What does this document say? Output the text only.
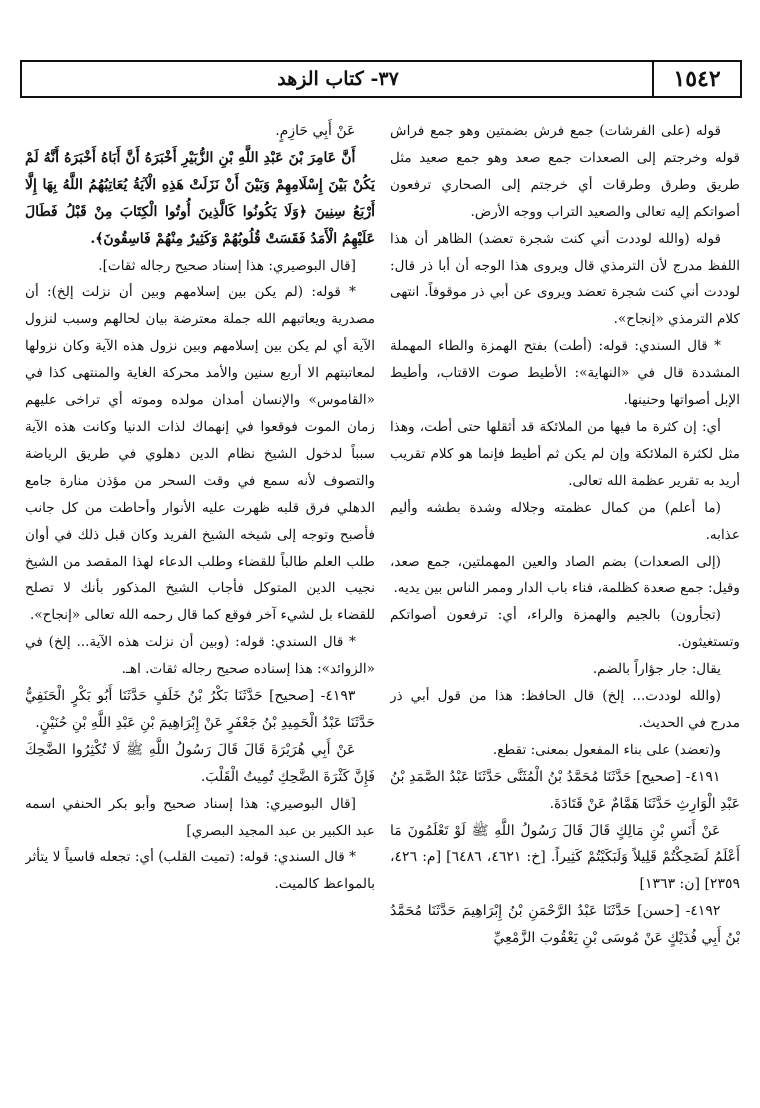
١٥٤٢
٣٧- كتاب الزهد

قوله (على الفرشات) جمع فرش بضمتين وهو جمع فراش قوله وخرجتم إلى الصعدات جمع صعد وهو جمع صعيد مثل طريق وطرق وطرقات أي خرجتم إلى الصحاري ترفعون أصواتكم إليه تعالى والصعيد التراب ووجه الأرض.

قوله (والله لوددت أني كنت شجرة تعضد) الظاهر أن هذا اللفظ مدرج لأن الترمذي قال ويروى هذا الوجه أن أبا ذر قال: لوددت أني كنت شجرة تعضد ويروى عن أبي ذر موقوفاً. انتهى كلام الترمذي «إنجاح».

* قال السندي: قوله: (أطت) بفتح الهمزة والطاء المهملة المشددة قال في «النهاية»: الأطيط صوت الاقتاب، وأطيط الإبل أصواتها وحنينها.

أي: إن كثرة ما فيها من الملائكة قد أثقلها حتى أطت، وهذا مثل لكثرة الملائكة وإن لم يكن ثم أطيط فإنما هو كلام تقريب أريد به تقرير عظمة الله تعالى.

(ما أعلم) من كمال عظمته وجلاله وشدة بطشه وأليم عذابه.

(إلى الصعدات) بضم الصاد والعين المهملتين، جمع صعد، وقيل: جمع صعدة كظلمة، فناء باب الدار وممر الناس بين يديه.

(تجأرون) بالجيم والهمزة والراء، أي: ترفعون أصواتكم وتستغيثون.

يقال: جار جؤاراً بالضم.

(والله لوددت... إلخ) قال الحافظ: هذا من قول أبي ذر مدرج في الحديث.

و(تعضد) على بناء المفعول بمعنى: تقطع.

٤١٩١- [صحيح] حَدَّثَنَا مُحَمَّدُ بْنُ الْمُثَنَّى حَدَّثَنَا عَبْدُ الصَّمَدِ بْنُ عَبْدِ الْوَارِثِ حَدَّثَنَا هَمَّامٌ عَنْ قَتَادَةَ.

عَنْ أَنَسِ بْنِ مَالِكٍ قَالَ قَالَ رَسُولُ اللَّهِ ﷺ لَوْ تَعْلَمُونَ مَا أَعْلَمُ لَضَحِكْتُمْ قَلِيلاً وَلَبَكَيْتُمْ كَثِيراً. [خ: ٤٦٢١، ٦٤٨٦] [م: ٤٢٦، ٢٣٥٩] [ن: ١٣٦٣]

٤١٩٢- [حسن] حَدَّثَنَا عَبْدُ الرَّحْمَنِ بْنُ إِبْرَاهِيمَ حَدَّثَنَا مُحَمَّدُ بْنُ أَبِي فُدَيْكٍ عَنْ مُوسَى بْنِ يَعْقُوبَ الزَّمْعِيِّ

عَنْ أَبِي حَازِمٍ.

أَنَّ عَامِرَ بْنَ عَبْدِ اللَّهِ بْنِ الزُّبَيْرِ أَخْبَرَهُ أَنَّ أَبَاهُ أَخْبَرَهُ أَنَّهُ لَمْ يَكُنْ بَيْنَ إِسْلَامِهِمْ وَبَيْنَ أَنْ نَزَلَتْ هَذِهِ الْآيَةُ يُعَاتِبُهُمُ اللَّهُ بِهَا إِلَّا أَرْبَعُ سِنِينَ ﴿وَلَا يَكُونُوا كَالَّذِينَ أُوتُوا الْكِتَابَ مِنْ قَبْلُ فَطَالَ عَلَيْهِمُ الْأَمَدُ فَقَسَتْ قُلُوبُهُمْ وَكَثِيرٌ مِنْهُمْ فَاسِقُونَ﴾.

[قال البوصيري: هذا إسناد صحيح رجاله ثقات].

* قوله: (لم يكن بين إسلامهم وبين أن نزلت إلخ): أن مصدرية ويعاتبهم الله جملة معترضة بيان لحالهم وسبب لنزول الآية أي لم يكن بين إسلامهم وبين نزول هذه الآية وكان نزولها لمعاتبتهم الا أربع سنين والأمد محركة الغاية والمنتهى كذا في «القاموس» والإنسان أمدان مولده وموته أي تراخى عليهم زمان الموت فوقعوا في إنهماك لذات الدنيا وكانت هذه الآية سبباً لدخول الشيخ نظام الدين دهلوي في طريق الرياضة والتصوف لأنه سمع في وقت السحر من مؤذن منارة جامع الدهلي فرق قلبه ظهرت عليه الأنوار وأحاطت من كل جانب فأصبح وتوجه إلى شيخه الشيخ الفريد وكان قبل ذلك في أوان طلب العلم طالباً للقضاء وطلب الدعاء لهذا المقصد من الشيخ نجيب الدين المتوكل فأجاب الشيخ المذكور بأنك لا تصلح للقضاء بل لشيء آخر فوقع كما قال رحمه الله تعالى «إنجاح».

* قال السندي: قوله: (وبين أن نزلت هذه الآية... إلخ) في «الزوائد»: هذا إسناده صحيح رجاله ثقات. اهـ.

٤١٩٣- [صحيح] حَدَّثَنَا بَكْرُ بْنُ خَلَفٍ حَدَّثَنَا أَبُو بَكْرٍ الْحَنَفِيُّ حَدَّثَنَا عَبْدُ الْحَمِيدِ بْنُ جَعْفَرٍ عَنْ إِبْرَاهِيمَ بْنِ عَبْدِ اللَّهِ بْنِ حُنَيْنٍ.

عَنْ أَبِي هُرَيْرَةَ قَالَ قَالَ رَسُولُ اللَّهِ ﷺ لَا تُكْثِرُوا الضَّحِكَ فَإِنَّ كَثْرَةَ الضَّحِكِ تُمِيتُ الْقَلْبَ.

[قال البوصيري: هذا إسناد صحيح وأبو بكر الحنفي اسمه عبد الكبير بن عبد المجيد البصري]

* قال السندي: قوله: (تميت القلب) أي: تجعله قاسياً لا يتأثر بالمواعظ كالميت.
